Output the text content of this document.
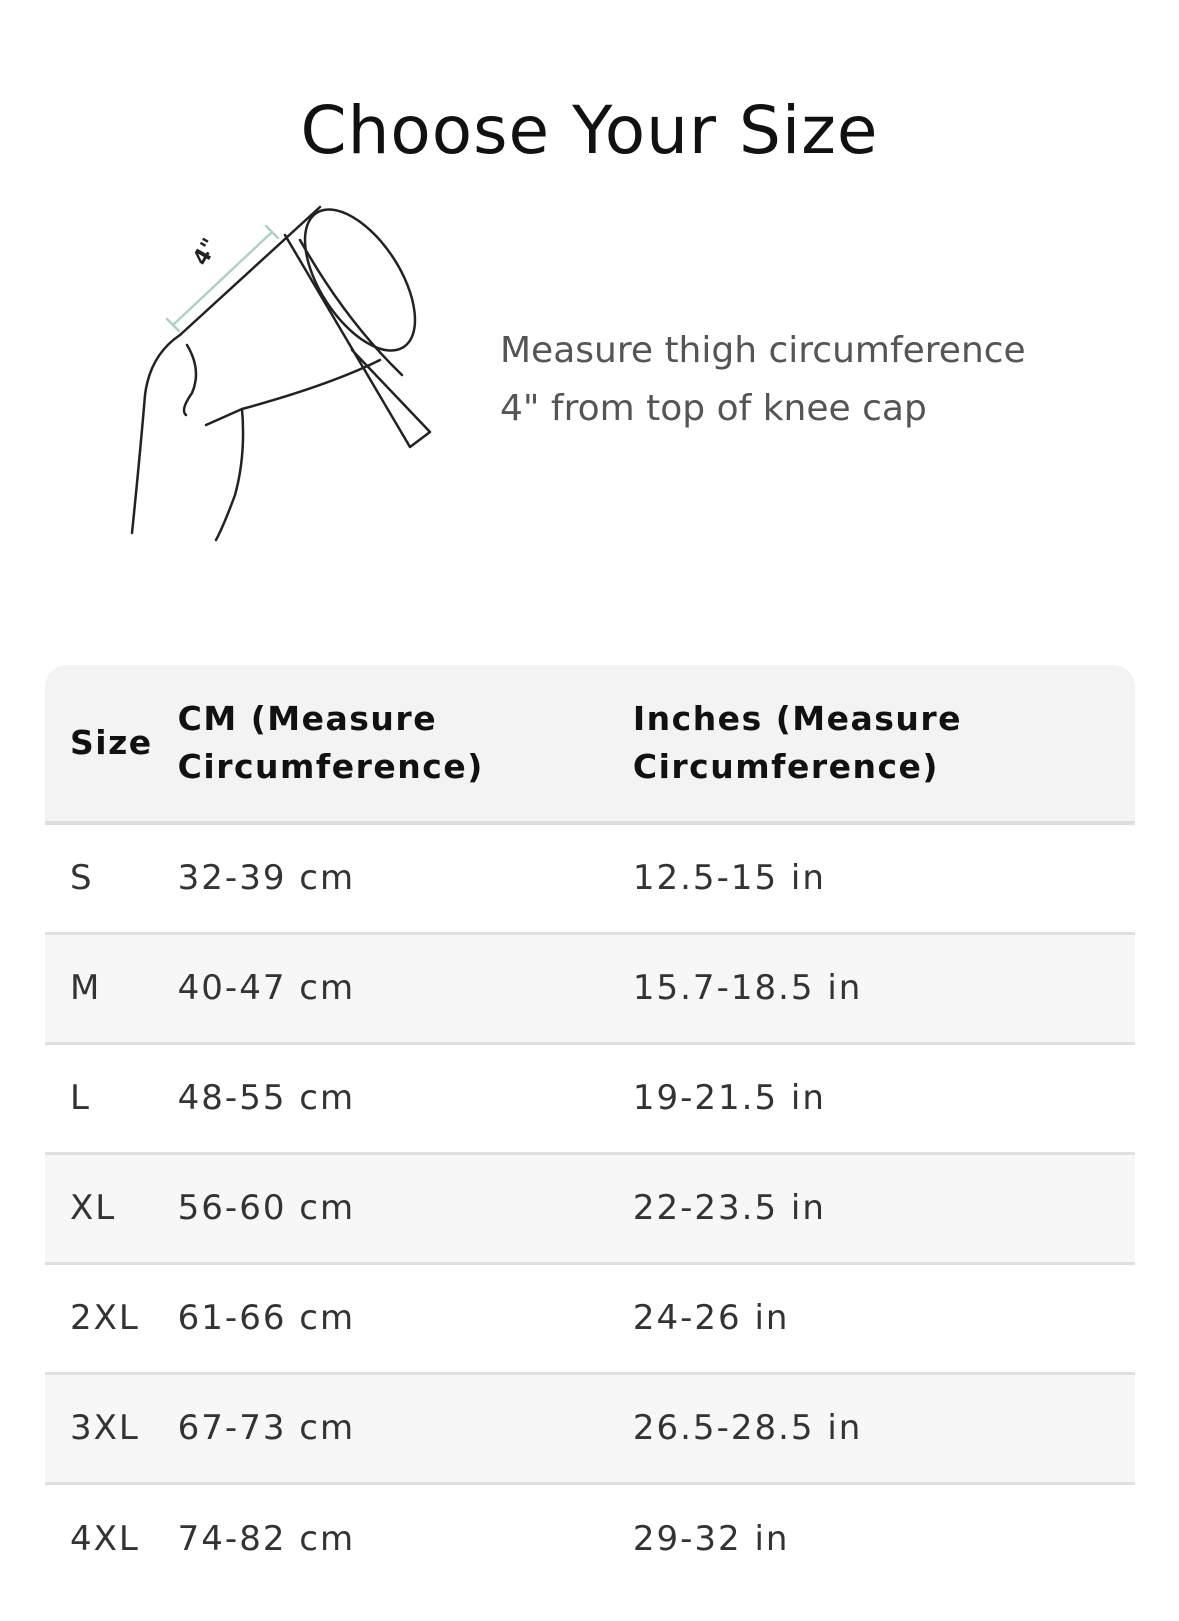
Choose Your Size
4"
Measure thigh circumference
4" from top of knee cap
Size	CM (Measure Circumference)	Inches (Measure Circumference)
S	32-39 cm	12.5-15 in
M	40-47 cm	15.7-18.5 in
L	48-55 cm	19-21.5 in
XL	56-60 cm	22-23.5 in
2XL	61-66 cm	24-26 in
3XL	67-73 cm	26.5-28.5 in
4XL	74-82 cm	29-32 in
